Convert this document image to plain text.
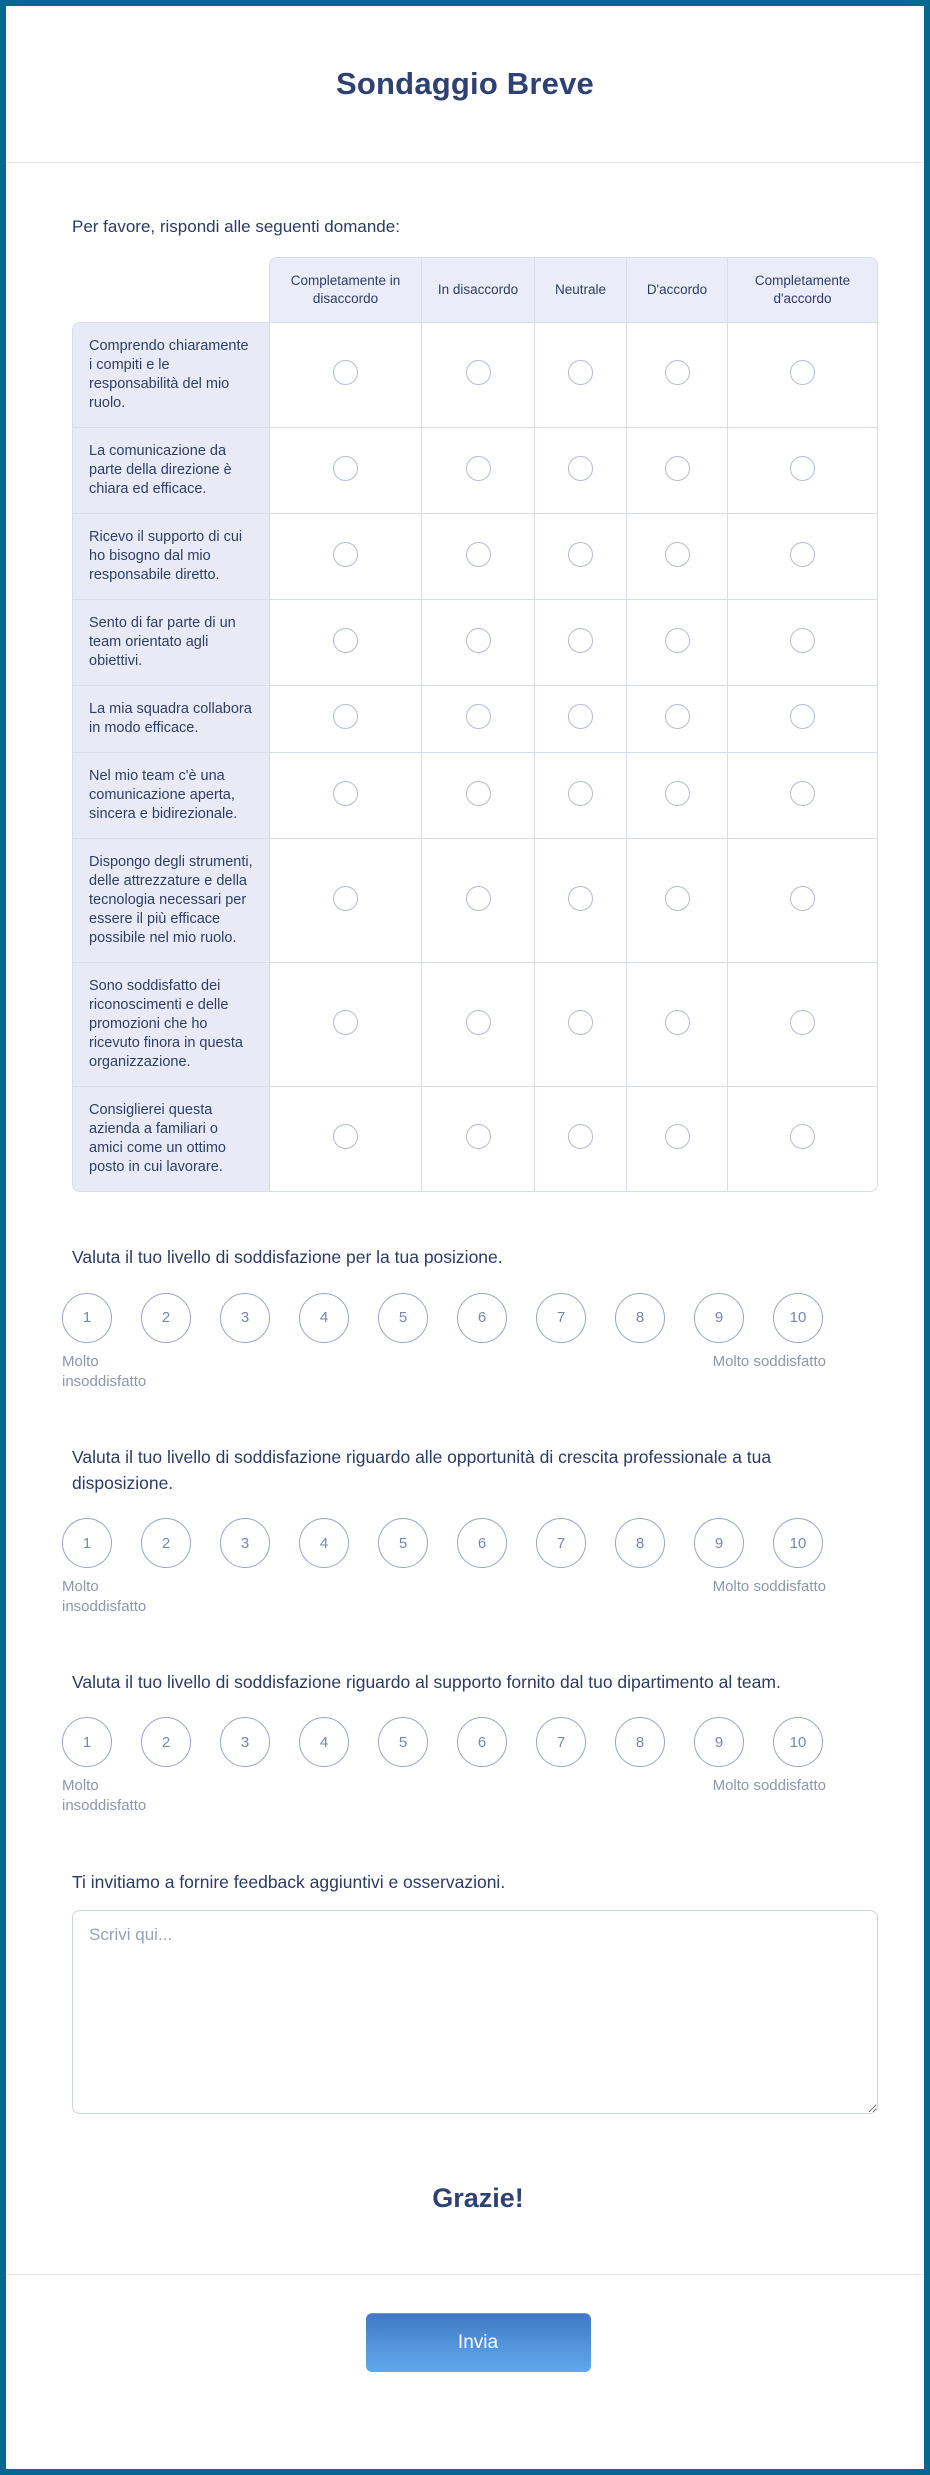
Sondaggio Breve
Per favore, rispondi alle seguenti domande:
	Completamente in disaccordo	In disaccordo	Neutrale	D'accordo	Completamente d'accordo
Comprendo chiaramente i compiti e le responsabilità del mio ruolo.					
La comunicazione da parte della direzione è chiara ed efficace.					
Ricevo il supporto di cui ho bisogno dal mio responsabile diretto.					
Sento di far parte di un team orientato agli obiettivi.					
La mia squadra collabora in modo efficace.					
Nel mio team c'è una comunicazione aperta, sincera e bidirezionale.					
Dispongo degli strumenti, delle attrezzature e della tecnologia necessari per essere il più efficace possibile nel mio ruolo.					
Sono soddisfatto dei riconoscimenti e delle promozioni che ho ricevuto finora in questa organizzazione.					
Consiglierei questa azienda a familiari o amici come un ottimo posto in cui lavorare.					
Valuta il tuo livello di soddisfazione per la tua posizione.
1	2	3	4	5	6	7	8	9	10
Molto insoddisfatto
Molto soddisfatto
Valuta il tuo livello di soddisfazione riguardo alle opportunità di crescita professionale a tua disposizione.
1	2	3	4	5	6	7	8	9	10
Molto insoddisfatto
Molto soddisfatto
Valuta il tuo livello di soddisfazione riguardo al supporto fornito dal tuo dipartimento al team.
1	2	3	4	5	6	7	8	9	10
Molto insoddisfatto
Molto soddisfatto
Ti invitiamo a fornire feedback aggiuntivi e osservazioni.
Scrivi qui...
Grazie!
Invia
